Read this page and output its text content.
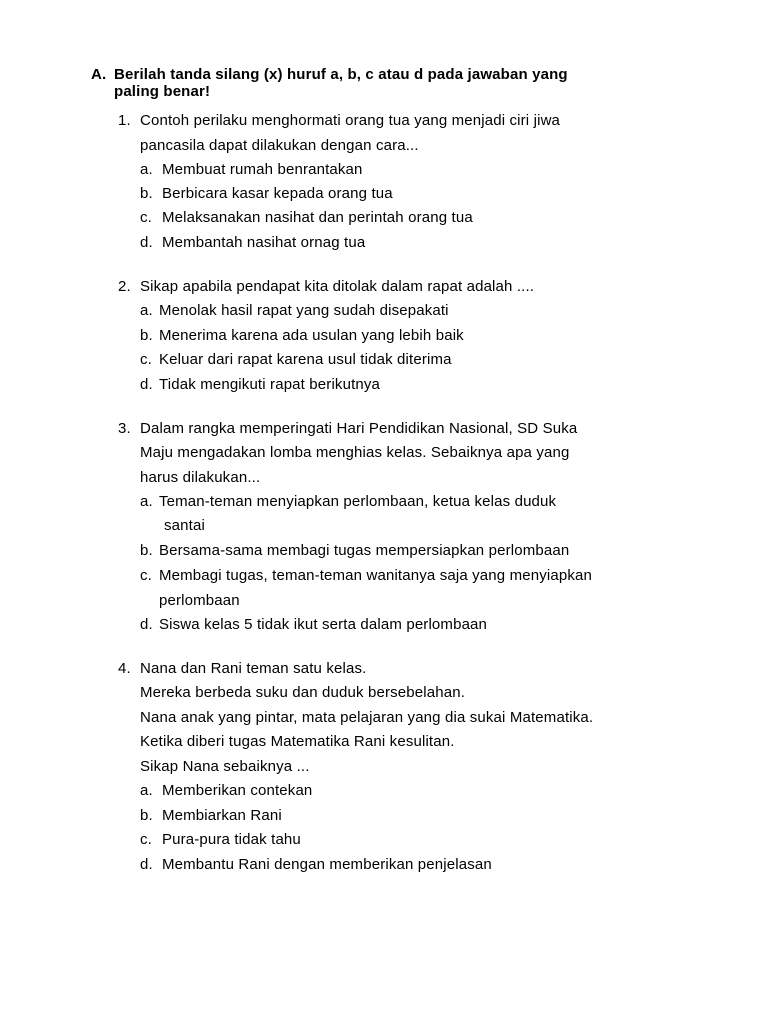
A. Berilah tanda silang (x) huruf a, b, c atau d pada jawaban yang
paling benar!
1. Contoh perilaku menghormati orang tua yang menjadi ciri jiwa
pancasila dapat dilakukan dengan cara...
a. Membuat rumah benrantakan
b. Berbicara kasar kepada orang tua
c. Melaksanakan nasihat dan perintah orang tua
d. Membantah nasihat ornag tua
2. Sikap apabila pendapat kita ditolak dalam rapat adalah ....
a. Menolak hasil rapat yang sudah disepakati
b. Menerima karena ada usulan yang lebih baik
c. Keluar dari rapat karena usul tidak diterima
d. Tidak mengikuti rapat berikutnya
3. Dalam rangka memperingati Hari Pendidikan Nasional, SD Suka
Maju mengadakan lomba menghias kelas. Sebaiknya apa yang
harus dilakukan...
a. Teman-teman menyiapkan perlombaan, ketua kelas duduk
santai
b. Bersama-sama membagi tugas mempersiapkan perlombaan
c. Membagi tugas, teman-teman wanitanya saja yang menyiapkan
perlombaan
d. Siswa kelas 5 tidak ikut serta dalam perlombaan
4. Nana dan Rani teman satu kelas.
Mereka berbeda suku dan duduk bersebelahan.
Nana anak yang pintar, mata pelajaran yang dia sukai Matematika.
Ketika diberi tugas Matematika Rani kesulitan.
Sikap Nana sebaiknya ...
a. Memberikan contekan
b. Membiarkan Rani
c. Pura-pura tidak tahu
d. Membantu Rani dengan memberikan penjelasan
